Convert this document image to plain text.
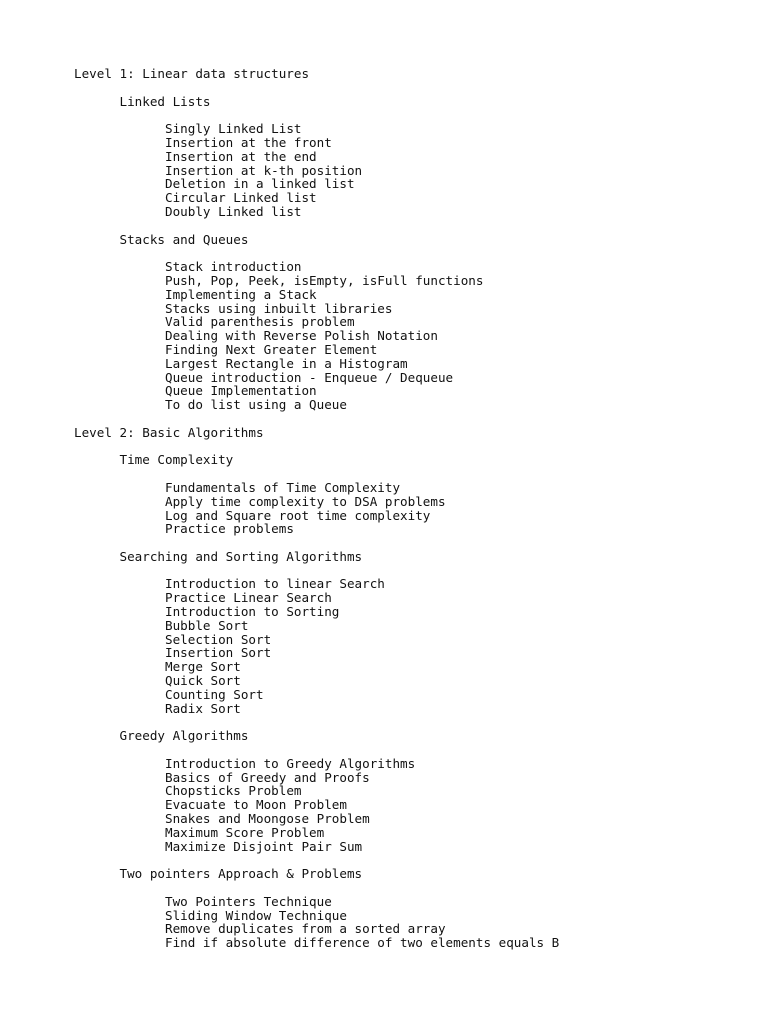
Level 1: Linear data structures
Linked Lists
Singly Linked List
Insertion at the front
Insertion at the end
Insertion at k-th position
Deletion in a linked list
Circular Linked list
Doubly Linked list
Stacks and Queues
Stack introduction
Push, Pop, Peek, isEmpty, isFull functions
Implementing a Stack
Stacks using inbuilt libraries
Valid parenthesis problem
Dealing with Reverse Polish Notation
Finding Next Greater Element
Largest Rectangle in a Histogram
Queue introduction - Enqueue / Dequeue
Queue Implementation
To do list using a Queue
Level 2: Basic Algorithms
Time Complexity
Fundamentals of Time Complexity
Apply time complexity to DSA problems
Log and Square root time complexity
Practice problems
Searching and Sorting Algorithms
Introduction to linear Search
Practice Linear Search
Introduction to Sorting
Bubble Sort
Selection Sort
Insertion Sort
Merge Sort
Quick Sort
Counting Sort
Radix Sort
Greedy Algorithms
Introduction to Greedy Algorithms
Basics of Greedy and Proofs
Chopsticks Problem
Evacuate to Moon Problem
Snakes and Moongose Problem
Maximum Score Problem
Maximize Disjoint Pair Sum
Two pointers Approach & Problems
Two Pointers Technique
Sliding Window Technique
Remove duplicates from a sorted array
Find if absolute difference of two elements equals B
